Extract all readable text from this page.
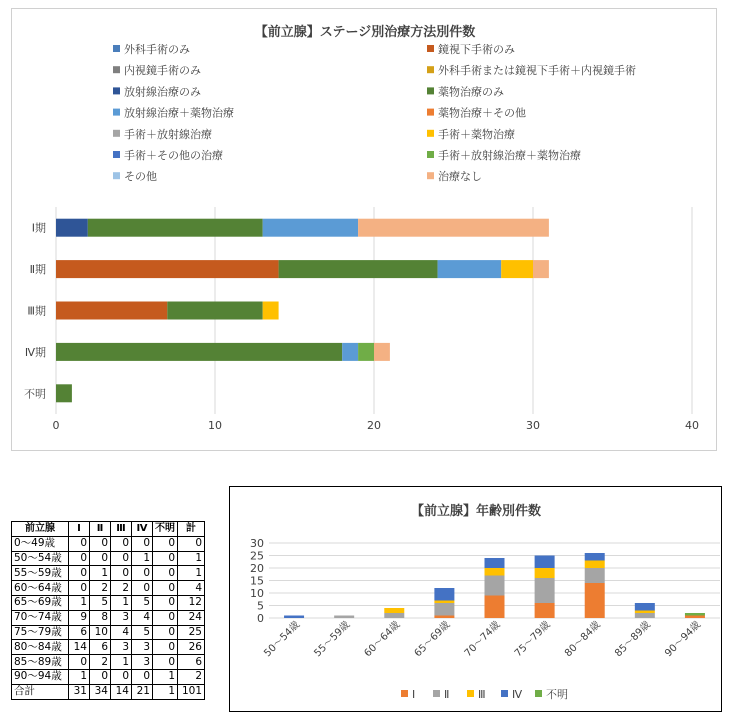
【前立腺】ステージ別治療方法別件数
外科手術のみ	鏡視下手術のみ
内視鏡手術のみ	外科手術または鏡視下手術＋内視鏡手術
放射線治療のみ	薬物治療のみ
放射線治療＋薬物治療	薬物治療＋その他
手術＋放射線治療	手術＋薬物治療
手術＋その他の治療	手術＋放射線治療＋薬物治療
その他	治療なし
0	10	20	30	40
Ⅰ期
Ⅱ期
Ⅲ期
Ⅳ期
不明
前立腺	Ⅰ	Ⅱ	Ⅲ	Ⅳ	不明	計
0～49歳	0	0	0	0	0	0
50～54歳	0	0	0	1	0	1
55～59歳	0	1	0	0	0	1
60～64歳	0	2	2	0	0	4
65～69歳	1	5	1	5	0	12
70～74歳	9	8	3	4	0	24
75～79歳	6	10	4	5	0	25
80～84歳	14	6	3	3	0	26
85～89歳	0	2	1	3	0	6
90～94歳	1	0	0	0	1	2
合計	31	34	14	21	1	101
【前立腺】年齢別件数
0
5
10
15
20
25
30
50～54歳 55～59歳 60～64歳 65～69歳 70～74歳 75～79歳 80～84歳 85～89歳 90～94歳
Ⅰ	Ⅱ	Ⅲ Ⅳ 不明
